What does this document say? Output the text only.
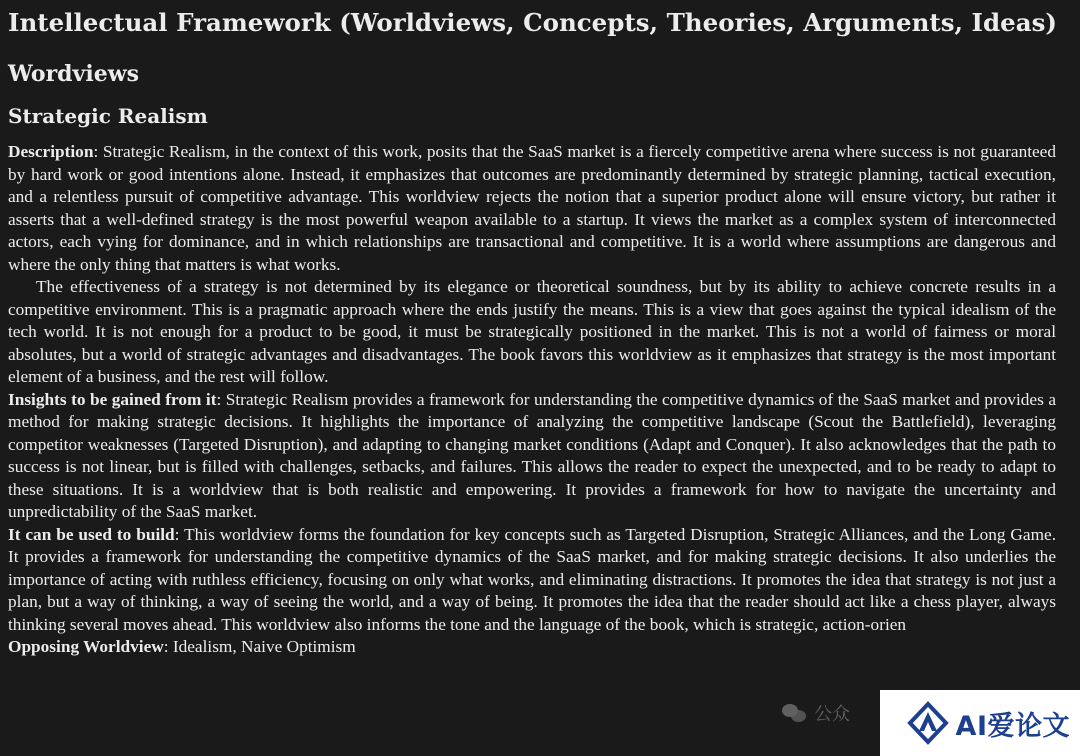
Intellectual Framework (Worldviews, Concepts, Theories, Arguments, Ideas)
Wordviews
Strategic Realism

Description: Strategic Realism, in the context of this work, posits that the SaaS market is a fiercely competitive arena where success is not guaranteed by hard work or good intentions alone. Instead, it emphasizes that outcomes are predominantly determined by strategic planning, tactical execution, and a relentless pursuit of competitive advantage. This worldview rejects the notion that a superior product alone will ensure victory, but rather it asserts that a well-defined strategy is the most powerful weapon available to a startup. It views the market as a complex system of interconnected actors, each vying for dominance, and in which relationships are transactional and competitive. It is a world where assumptions are dangerous and where the only thing that matters is what works.

The effectiveness of a strategy is not determined by its elegance or theoretical soundness, but by its ability to achieve concrete results in a competitive environment. This is a pragmatic approach where the ends justify the means. This is a view that goes against the typical idealism of the tech world. It is not enough for a product to be good, it must be strategically positioned in the market. This is not a world of fairness or moral absolutes, but a world of strategic advantages and disadvantages. The book favors this worldview as it emphasizes that strategy is the most important element of a business, and the rest will follow.

Insights to be gained from it: Strategic Realism provides a framework for understanding the competitive dynamics of the SaaS market and provides a method for making strategic decisions. It highlights the importance of analyzing the competitive landscape (Scout the Battlefield), leveraging competitor weaknesses (Targeted Disruption), and adapting to changing market conditions (Adapt and Conquer). It also acknowledges that the path to success is not linear, but is filled with challenges, setbacks, and failures. This allows the reader to expect the unexpected, and to be ready to adapt to these situations. It is a worldview that is both realistic and empowering. It provides a framework for how to navigate the uncertainty and unpredictability of the SaaS market.

It can be used to build: This worldview forms the foundation for key concepts such as Targeted Disruption, Strategic Alliances, and the Long Game. It provides a framework for understanding the competitive dynamics of the SaaS market, and for making strategic decisions. It also underlies the importance of acting with ruthless efficiency, focusing on only what works, and eliminating distractions. It promotes the idea that strategy is not just a plan, but a way of thinking, a way of seeing the world, and a way of being. It promotes the idea that the reader should act like a chess player, always thinking several moves ahead. This worldview also informs the tone and the language of the book, which is strategic, action-orien

Opposing Worldview: Idealism, Naive Optimism

公众	AI爱论文
